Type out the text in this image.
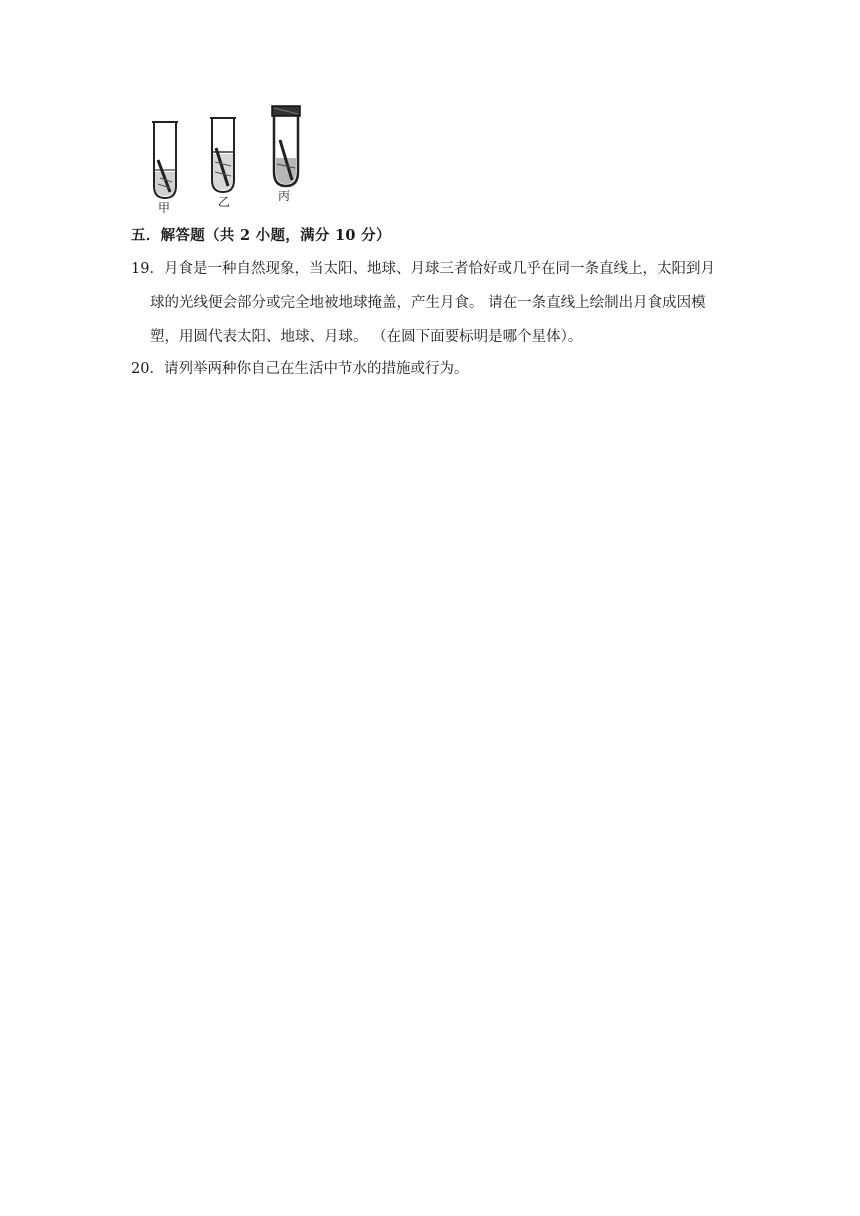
甲	乙	丙
五．解答题（共 2 小题，满分 10 分）
19．月食是一种自然现象，当太阳、地球、月球三者恰好或几乎在同一条直线上，太阳到月
球的光线便会部分或完全地被地球掩盖，产生月食。 请在一条直线上绘制出月食成因模
塑，用圆代表太阳、地球、月球。 （在圆下面要标明是哪个星体）。
20．请列举两种你自己在生活中节水的措施或行为。
